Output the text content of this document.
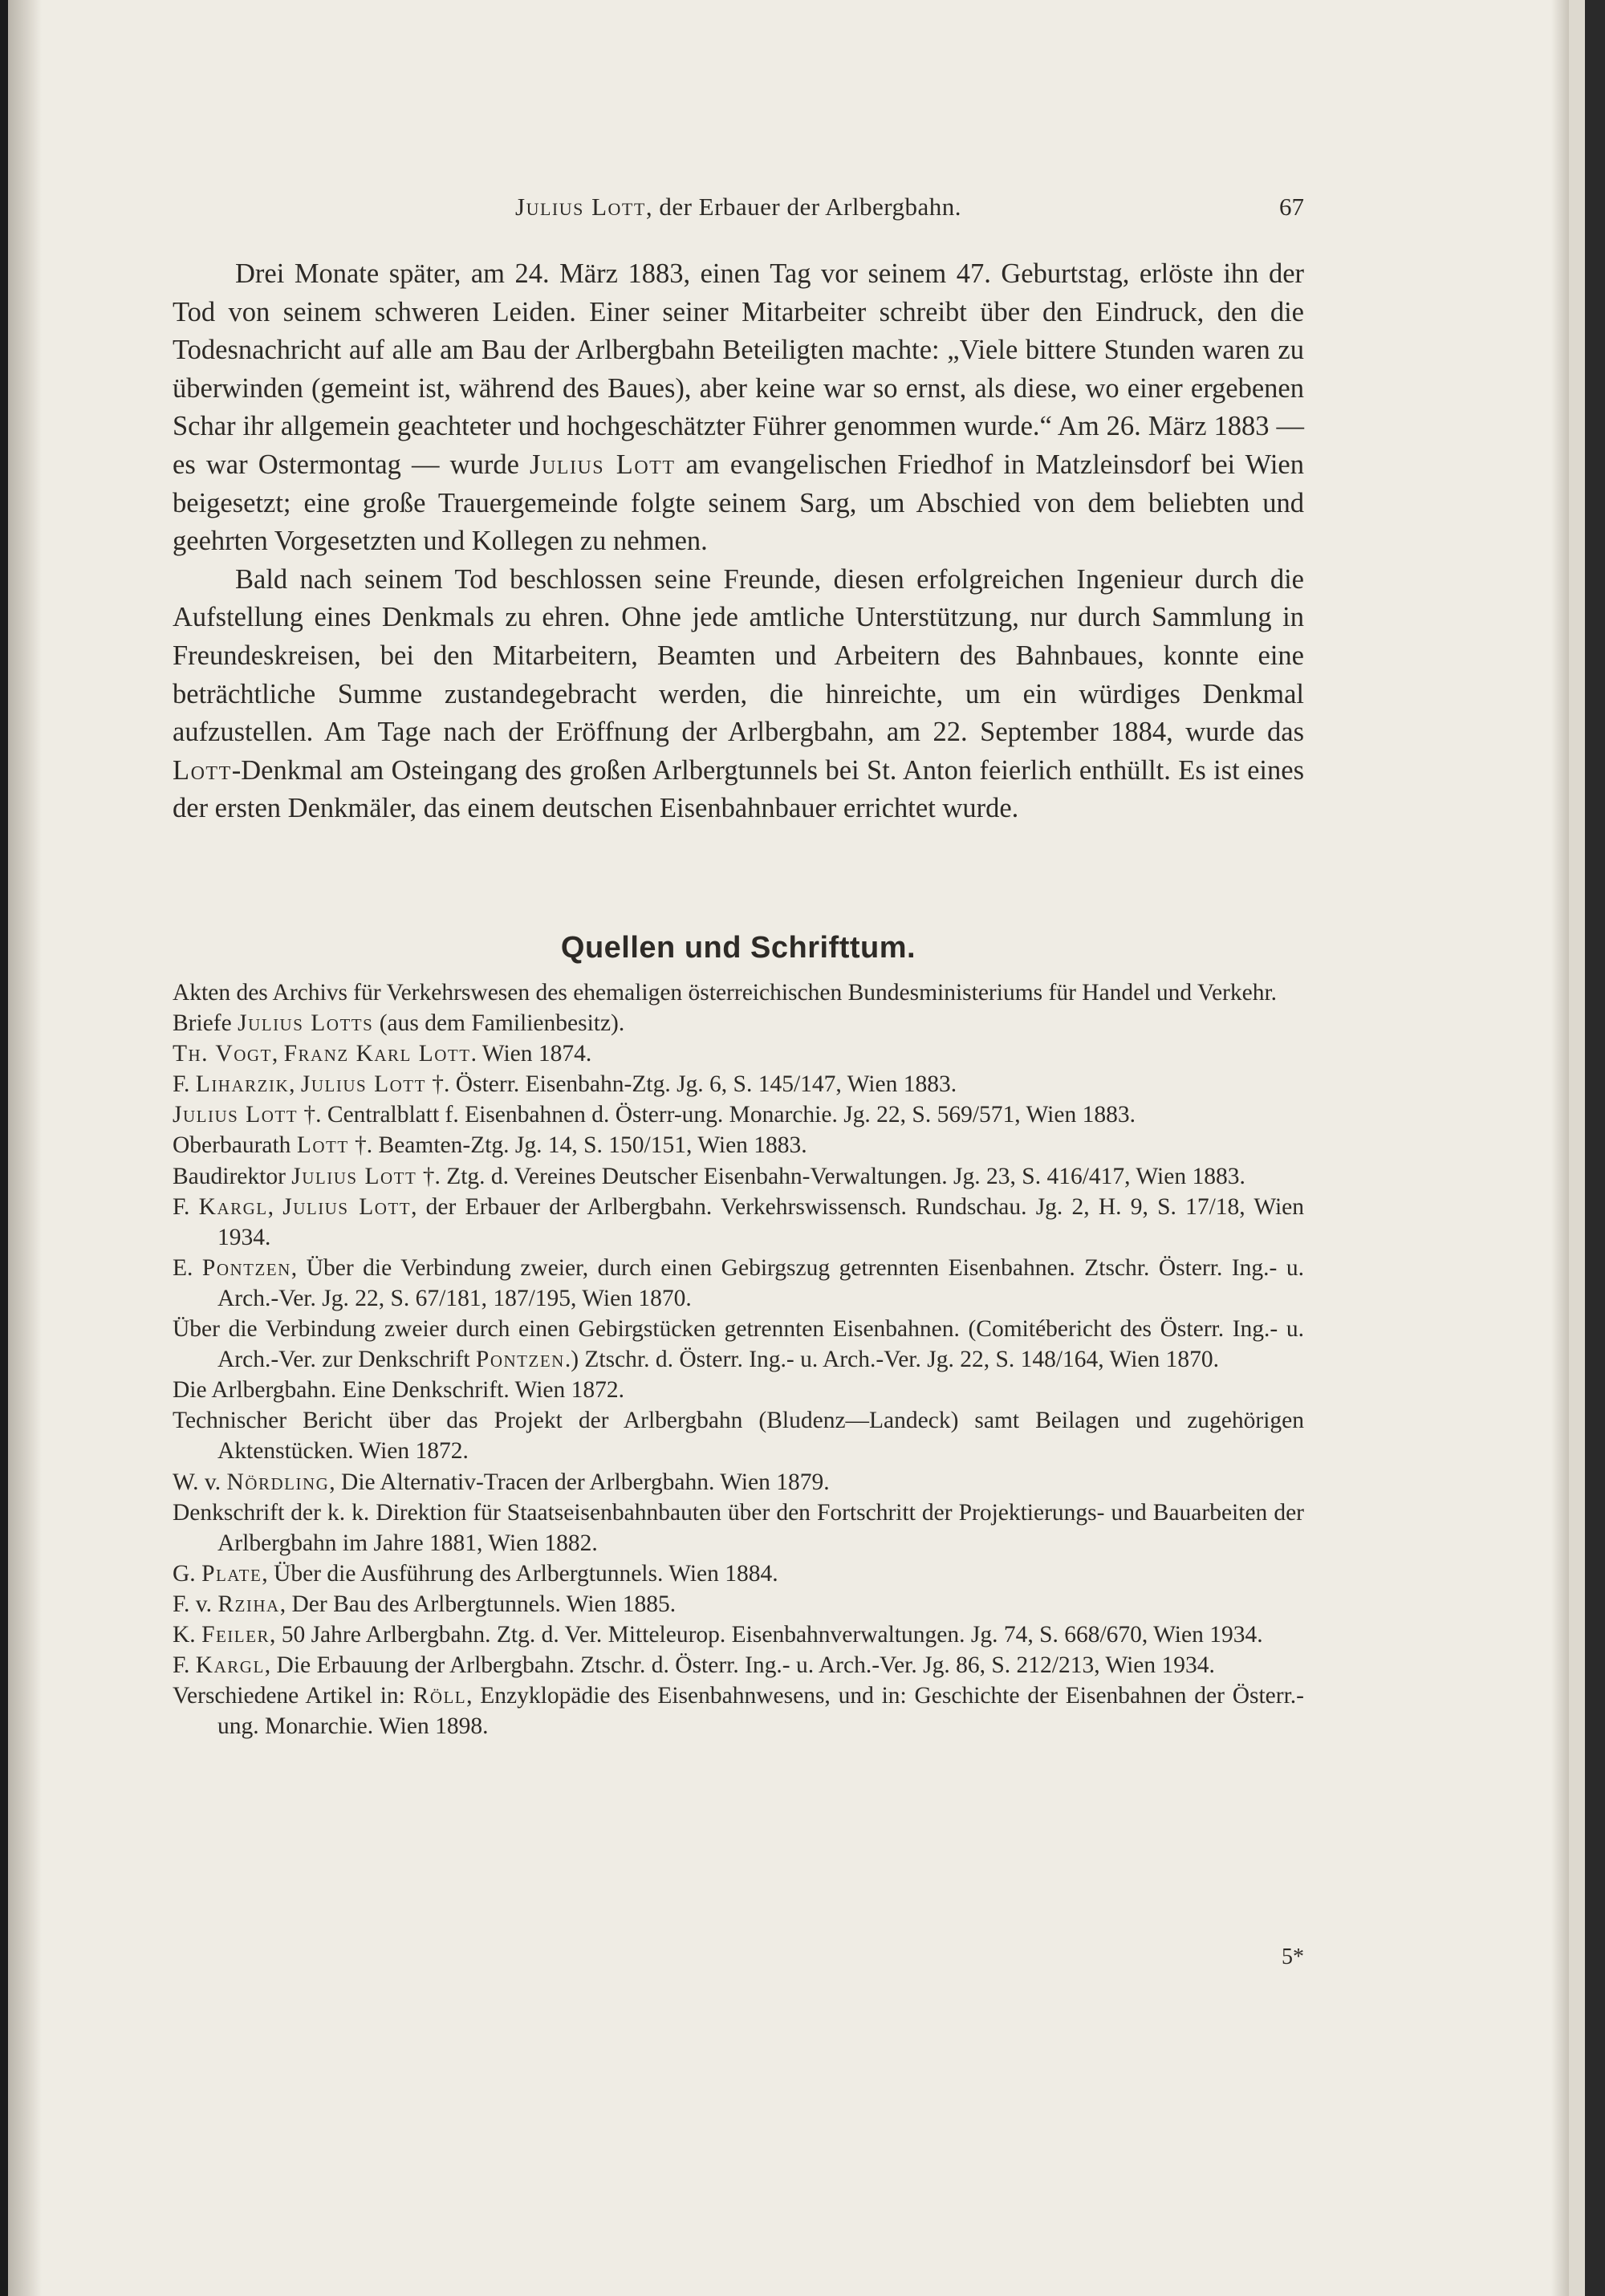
Julius Lott, der Erbauer der Arlbergbahn.	67

Drei Monate später, am 24. März 1883, einen Tag vor seinem 47. Geburtstag, erlöste ihn der Tod von seinem schweren Leiden. Einer seiner Mitarbeiter schreibt über den Eindruck, den die Todesnachricht auf alle am Bau der Arlbergbahn Beteiligten machte: „Viele bittere Stunden waren zu überwinden (gemeint ist, während des Baues), aber keine war so ernst, als diese, wo einer ergebenen Schar ihr allgemein geachteter und hochgeschätzter Führer genommen wurde.“ Am 26. März 1883 — es war Ostermontag — wurde Julius Lott am evangelischen Friedhof in Matzleinsdorf bei Wien beigesetzt; eine große Trauergemeinde folgte seinem Sarg, um Abschied von dem beliebten und geehrten Vorgesetzten und Kollegen zu nehmen.

Bald nach seinem Tod beschlossen seine Freunde, diesen erfolgreichen Ingenieur durch die Aufstellung eines Denkmals zu ehren. Ohne jede amtliche Unterstützung, nur durch Sammlung in Freundeskreisen, bei den Mitarbeitern, Beamten und Arbeitern des Bahnbaues, konnte eine beträchtliche Summe zustandegebracht werden, die hinreichte, um ein würdiges Denkmal aufzustellen. Am Tage nach der Eröffnung der Arlbergbahn, am 22. September 1884, wurde das Lott-Denkmal am Osteingang des großen Arlbergtunnels bei St. Anton feierlich enthüllt. Es ist eines der ersten Denkmäler, das einem deutschen Eisenbahnbauer errichtet wurde.

Quellen und Schrifttum.
Akten des Archivs für Verkehrswesen des ehemaligen österreichischen Bundesministeriums für Handel und Verkehr.
Briefe Julius Lotts (aus dem Familienbesitz).
Th. Vogt, Franz Karl Lott. Wien 1874.
F. Liharzik, Julius Lott †. Österr. Eisenbahn-Ztg. Jg. 6, S. 145/147, Wien 1883.
Julius Lott †. Centralblatt f. Eisenbahnen d. Österr-ung. Monarchie. Jg. 22, S. 569/571, Wien 1883.
Oberbaurath Lott †. Beamten-Ztg. Jg. 14, S. 150/151, Wien 1883.
Baudirektor Julius Lott †. Ztg. d. Vereines Deutscher Eisenbahn-Verwaltungen. Jg. 23, S. 416/417, Wien 1883.
F. Kargl, Julius Lott, der Erbauer der Arlbergbahn. Verkehrswissensch. Rundschau. Jg. 2, H. 9, S. 17/18, Wien 1934.
E. Pontzen, Über die Verbindung zweier, durch einen Gebirgszug getrennten Eisenbahnen. Ztschr. Österr. Ing.- u. Arch.-Ver. Jg. 22, S. 67/181, 187/195, Wien 1870.
Über die Verbindung zweier durch einen Gebirgstücken getrennten Eisenbahnen. (Comitébericht des Österr. Ing.- u. Arch.-Ver. zur Denkschrift Pontzen.) Ztschr. d. Österr. Ing.- u. Arch.-Ver. Jg. 22, S. 148/164, Wien 1870.
Die Arlbergbahn. Eine Denkschrift. Wien 1872.
Technischer Bericht über das Projekt der Arlbergbahn (Bludenz—Landeck) samt Beilagen und zugehörigen Aktenstücken. Wien 1872.
W. v. Nördling, Die Alternativ-Tracen der Arlbergbahn. Wien 1879.
Denkschrift der k. k. Direktion für Staatseisenbahnbauten über den Fortschritt der Projektierungs- und Bauarbeiten der Arlbergbahn im Jahre 1881, Wien 1882.
G. Plate, Über die Ausführung des Arlbergtunnels. Wien 1884.
F. v. Rziha, Der Bau des Arlbergtunnels. Wien 1885.
K. Feiler, 50 Jahre Arlbergbahn. Ztg. d. Ver. Mitteleurop. Eisenbahnverwaltungen. Jg. 74, S. 668/670, Wien 1934.
F. Kargl, Die Erbauung der Arlbergbahn. Ztschr. d. Österr. Ing.- u. Arch.-Ver. Jg. 86, S. 212/213, Wien 1934.
Verschiedene Artikel in: Röll, Enzyklopädie des Eisenbahnwesens, und in: Geschichte der Eisenbahnen der Österr.-ung. Monarchie. Wien 1898.
5*
